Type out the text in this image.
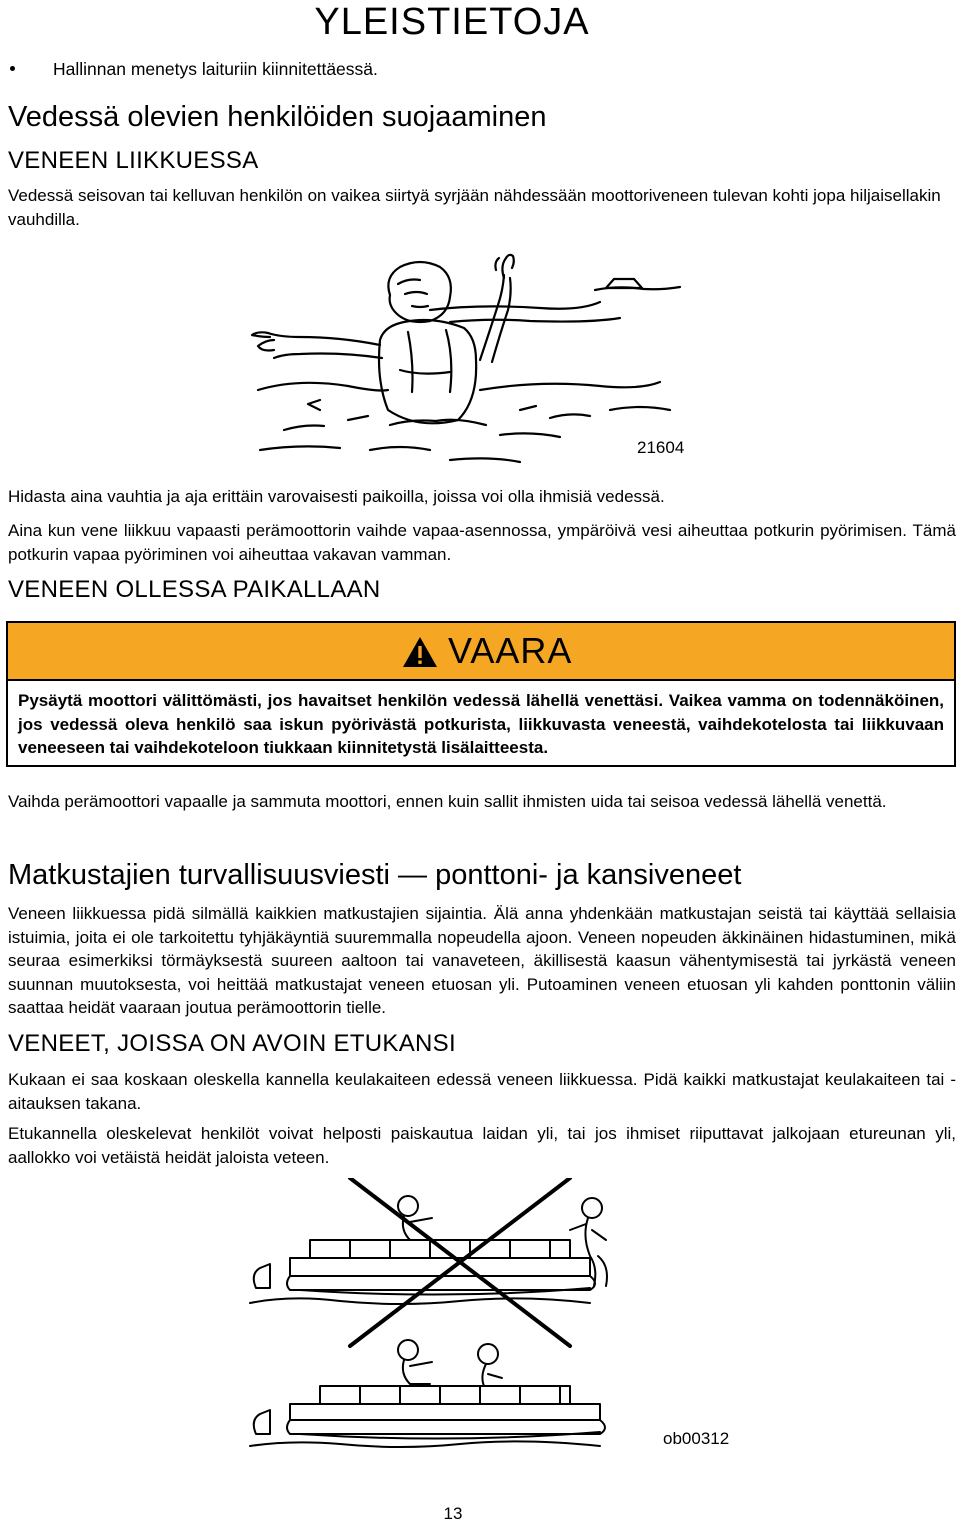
YLEISTIETOJA
Hallinnan menetys laituriin kiinnitettäessä.
Vedessä olevien henkilöiden suojaaminen
VENEEN LIIKKUESSA
Vedessä seisovan tai kelluvan henkilön on vaikea siirtyä syrjään nähdessään moottoriveneen tulevan kohti jopa hiljaisellakin vauhdilla.
21604
Hidasta aina vauhtia ja aja erittäin varovaisesti paikoilla, joissa voi olla ihmisiä vedessä.
Aina kun vene liikkuu vapaasti perämoottorin vaihde vapaa-asennossa, ympäröivä vesi aiheuttaa potkurin pyörimisen. Tämä potkurin vapaa pyöriminen voi aiheuttaa vakavan vamman.
VENEEN OLLESSA PAIKALLAAN
VAARA
Pysäytä moottori välittömästi, jos havaitset henkilön vedessä lähellä venettäsi. Vaikea vamma on todennäköinen, jos vedessä oleva henkilö saa iskun pyörivästä potkurista, liikkuvasta veneestä, vaihdekotelosta tai liikkuvaan veneeseen tai vaihdekoteloon tiukkaan kiinnitetystä lisälaitteesta.
Vaihda perämoottori vapaalle ja sammuta moottori, ennen kuin sallit ihmisten uida tai seisoa vedessä lähellä venettä.
Matkustajien turvallisuusviesti — ponttoni- ja kansiveneet
Veneen liikkuessa pidä silmällä kaikkien matkustajien sijaintia. Älä anna yhdenkään matkustajan seistä tai käyttää sellaisia istuimia, joita ei ole tarkoitettu tyhjäkäyntiä suuremmalla nopeudella ajoon. Veneen nopeuden äkkinäinen hidastuminen, mikä seuraa esimerkiksi törmäyksestä suureen aaltoon tai vanaveteen, äkillisestä kaasun vähentymisestä tai jyrkästä veneen suunnan muutoksesta, voi heittää matkustajat veneen etuosan yli. Putoaminen veneen etuosan yli kahden ponttonin väliin saattaa heidät vaaraan joutua perämoottorin tielle.
VENEET, JOISSA ON AVOIN ETUKANSI
Kukaan ei saa koskaan oleskella kannella keulakaiteen edessä veneen liikkuessa. Pidä kaikki matkustajat keulakaiteen tai -aitauksen takana.
Etukannella oleskelevat henkilöt voivat helposti paiskautua laidan yli, tai jos ihmiset riiputtavat jalkojaan etureunan yli, aallokko voi vetäistä heidät jaloista veteen.
ob00312
13
